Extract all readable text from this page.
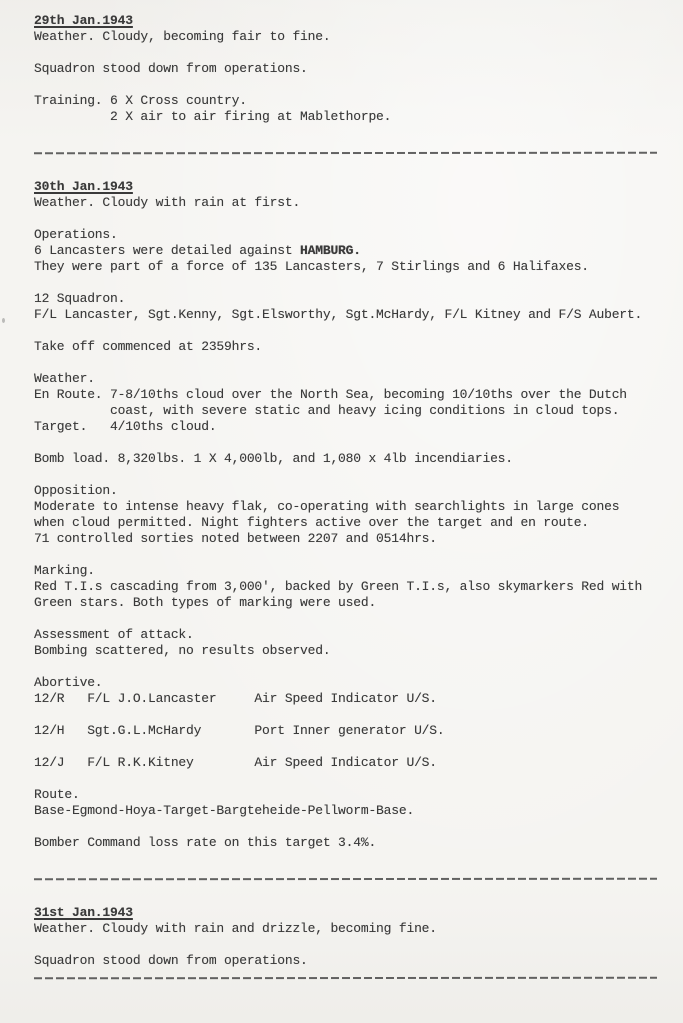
29th Jan.1943
Weather. Cloudy, becoming fair to fine.
Squadron stood down from operations.
Training. 6 X Cross country.
2 X air to air firing at Mablethorpe.
30th Jan.1943
Weather. Cloudy with rain at first.
Operations.
6 Lancasters were detailed against HAMBURG.
They were part of a force of 135 Lancasters, 7 Stirlings and 6 Halifaxes.
12 Squadron.
F/L Lancaster, Sgt.Kenny, Sgt.Elsworthy, Sgt.McHardy, F/L Kitney and F/S Aubert.
Take off commenced at 2359hrs.
Weather.
En Route. 7-8/10ths cloud over the North Sea, becoming 10/10ths over the Dutch
coast, with severe static and heavy icing conditions in cloud tops.
Target.   4/10ths cloud.
Bomb load. 8,320lbs. 1 X 4,000lb, and 1,080 x 4lb incendiaries.
Opposition.
Moderate to intense heavy flak, co-operating with searchlights in large cones
when cloud permitted. Night fighters active over the target and en route.
71 controlled sorties noted between 2207 and 0514hrs.
Marking.
Red T.I.s cascading from 3,000', backed by Green T.I.s, also skymarkers Red with
Green stars. Both types of marking were used.
Assessment of attack.
Bombing scattered, no results observed.
Abortive.
12/R   F/L J.O.Lancaster     Air Speed Indicator U/S.
12/H   Sgt.G.L.McHardy       Port Inner generator U/S.
12/J   F/L R.K.Kitney        Air Speed Indicator U/S.
Route.
Base-Egmond-Hoya-Target-Bargteheide-Pellworm-Base.
Bomber Command loss rate on this target 3.4%.
31st Jan.1943
Weather. Cloudy with rain and drizzle, becoming fine.
Squadron stood down from operations.
